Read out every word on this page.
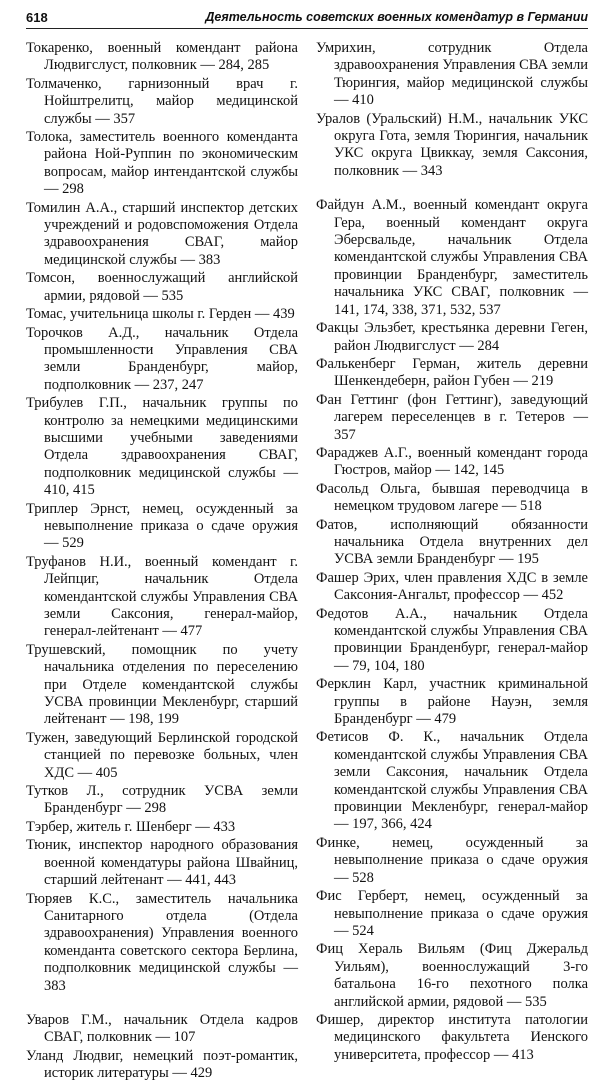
618	Деятельность советских военных комендатур в Германии

Токаренко, военный комендант района Людвигслуст, полковник — 284, 285

Толмаченко, гарнизонный врач г. Нойштрелитц, майор медицинской службы — 357

Толока, заместитель военного коменданта района Ной-Руппин по экономическим вопросам, майор интендантской службы — 298

Томилин А.А., старший инспектор детских учреждений и родовспоможения Отдела здравоохранения СВАГ, майор медицинской службы — 383

Томсон, военнослужащий английской армии, рядовой — 535

Томас, учительница школы г. Герден — 439

Торочков А.Д., начальник Отдела промышленности Управления СВА земли Бранденбург, майор, подполковник — 237, 247

Трибулев Г.П., начальник группы по контролю за немецкими медицинскими высшими учебными заведениями Отдела здравоохранения СВАГ, подполковник медицинской службы — 410, 415

Триплер Эрнст, немец, осужденный за невыполнение приказа о сдаче оружия — 529

Труфанов Н.И., военный комендант г. Лейпциг, начальник Отдела комендантской службы Управления СВА земли Саксония, генерал-майор, генерал-лейтенант — 477

Трушевский, помощник по учету начальника отделения по переселению при Отделе комендантской службы УСВА провинции Мекленбург, старший лейтенант — 198, 199

Тужен, заведующий Берлинской городской станцией по перевозке больных, член ХДС — 405

Тутков Л., сотрудник УСВА земли Бранденбург — 298

Тэрбер, житель г. Шенберг — 433

Тюник, инспектор народного образования военной комендатуры района Швайниц, старший лейтенант — 441, 443

Тюряев К.С., заместитель начальника Санитарного отдела (Отдела здравоохранения) Управления военного коменданта советского сектора Берлина, подполковник медицинской службы — 383

Уваров Г.М., начальник Отдела кадров СВАГ, полковник — 107

Уланд Людвиг, немецкий поэт-романтик, историк литературы — 429

Умрихин, сотрудник Отдела здравоохранения Управления СВА земли Тюрингия, майор медицинской службы — 410

Уралов (Уральский) Н.М., начальник УКС округа Гота, земля Тюрингия, начальник УКС округа Цвиккау, земля Саксония, полковник — 343

Файдун А.М., военный комендант округа Гера, военный комендант округа Эберсвальде, начальник Отдела комендантской службы Управления СВА провинции Бранденбург, заместитель начальника УКС СВАГ, полковник — 141, 174, 338, 371, 532, 537

Факцы Эльзбет, крестьянка деревни Геген, район Людвигслуст — 284

Фалькенберг Герман, житель деревни Шенкендеберн, район Губен — 219

Фан Геттинг (фон Геттинг), заведующий лагерем переселенцев в г. Тетеров — 357

Фараджев А.Г., военный комендант города Гюстров, майор — 142, 145

Фасольд Ольга, бывшая переводчица в немецком трудовом лагере — 518

Фатов, исполняющий обязанности начальника Отдела внутренних дел УСВА земли Бранденбург — 195

Фашер Эрих, член правления ХДС в земле Саксония-Ангальт, профессор — 452

Федотов А.А., начальник Отдела комендантской службы Управления СВА провинции Бранденбург, генерал-майор — 79, 104, 180

Ферклин Карл, участник криминальной группы в районе Науэн, земля Бранденбург — 479

Фетисов Ф. К., начальник Отдела комендантской службы Управления СВА земли Саксония, начальник Отдела комендантской службы Управления СВА провинции Мекленбург, генерал-майор — 197, 366, 424

Финке, немец, осужденный за невыполнение приказа о сдаче оружия — 528

Фис Герберт, немец, осужденный за невыполнение приказа о сдаче оружия — 524

Фиц Хераль Вильям (Фиц Джеральд Уильям), военнослужащий 3-го батальона 16-го пехотного полка английской армии, рядовой — 535

Фишер, директор института патологии медицинского факультета Иенского университета, профессор — 413
